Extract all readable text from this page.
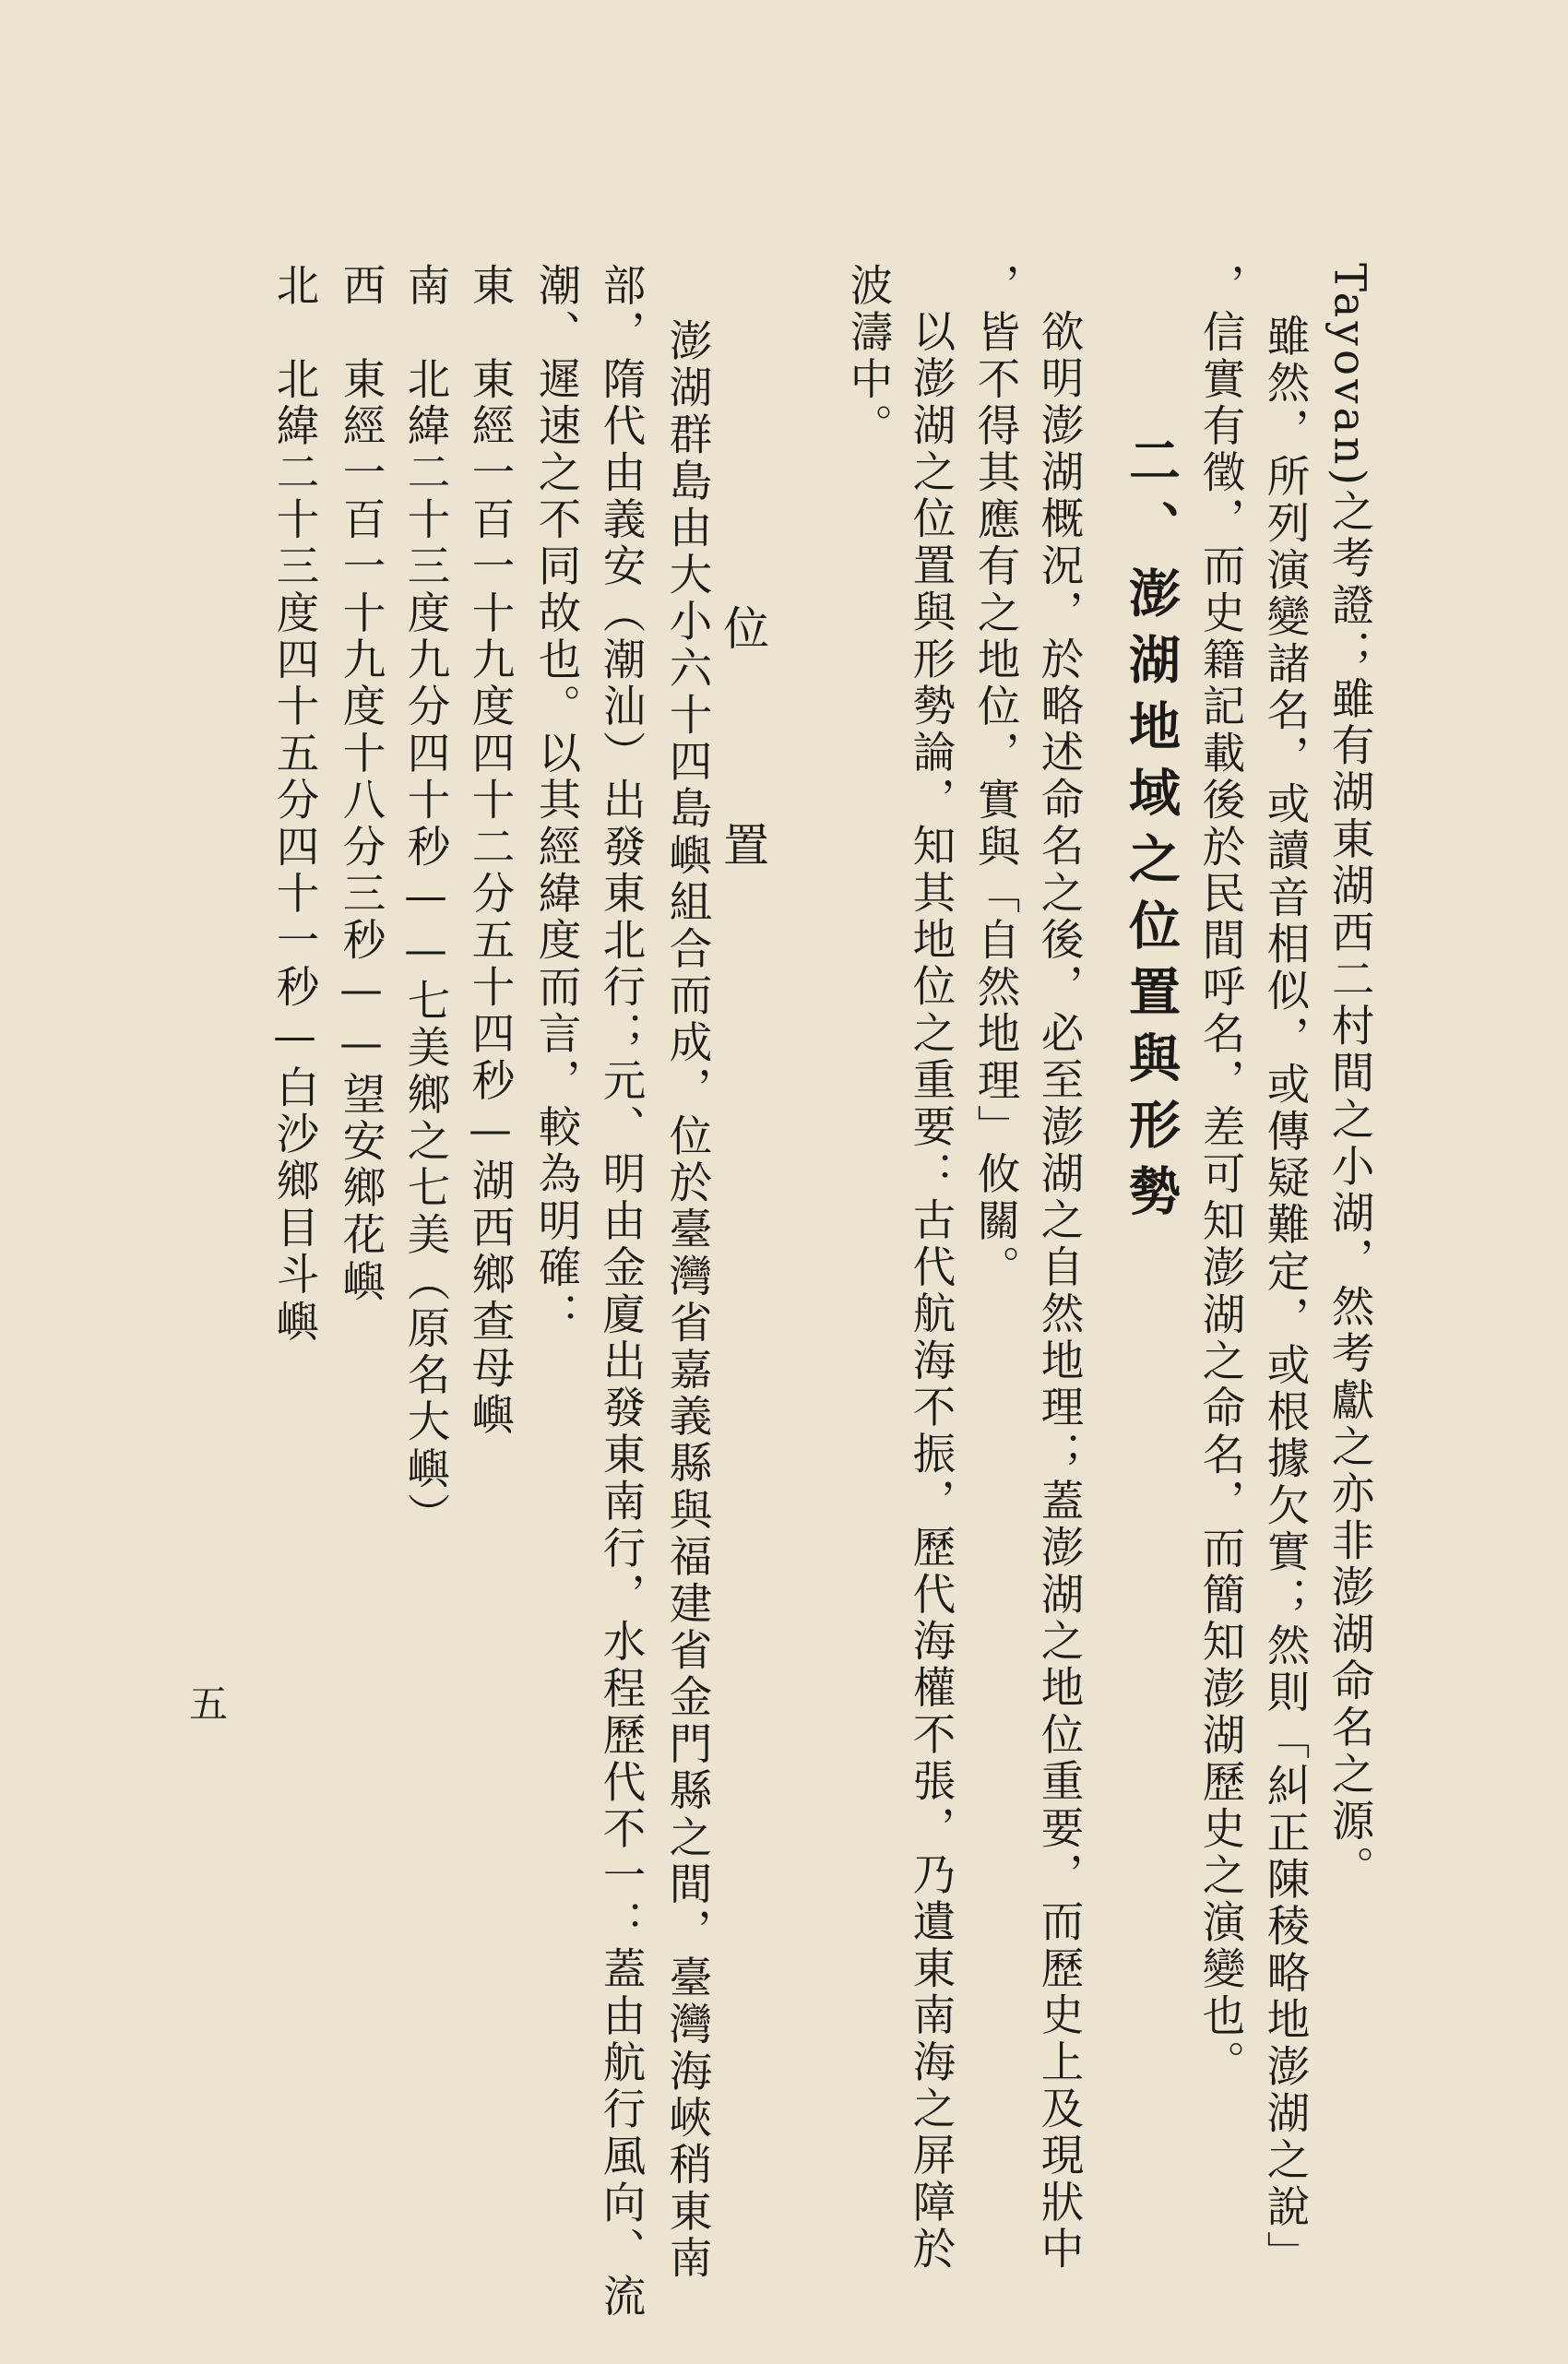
Tayovan)之考證；雖有湖東湖西二村間之小湖，然考獻之亦非澎湖命名之源。
雖然，所列演變諸名，或讀音相似，或傳疑難定，或根據欠實；然則「糾正陳稜略地澎湖之說」
，信實有徵，而史籍記載後於民間呼名，差可知澎湖之命名，而簡知澎湖歷史之演變也。
二、澎湖地域之位置與形勢
欲明澎湖概況，於略述命名之後，必至澎湖之自然地理；蓋澎湖之地位重要，而歷史上及現狀中
，皆不得其應有之地位，實與「自然地理」攸關。
以澎湖之位置與形勢論，知其地位之重要：古代航海不振，歷代海權不張，乃遺東南海之屏障於
波濤中。
位
置
澎湖群島由大小六十四島嶼組合而成，位於臺灣省嘉義縣與福建省金門縣之間，臺灣海峽稍東南
部，隋代由義安（潮汕）出發東北行；元、明由金廈出發東南行，水程歷代不一：蓋由航行風向、流
潮、遲速之不同故也。以其經緯度而言，較為明確：
東　東經一百一十九度四十二分五十四秒—湖西鄉查母嶼
南　北緯二十三度九分四十秒——七美鄉之七美（原名大嶼）
西　東經一百一十九度十八分三秒——望安鄉花嶼
北　北緯二十三度四十五分四十一秒—白沙鄉目斗嶼
五
